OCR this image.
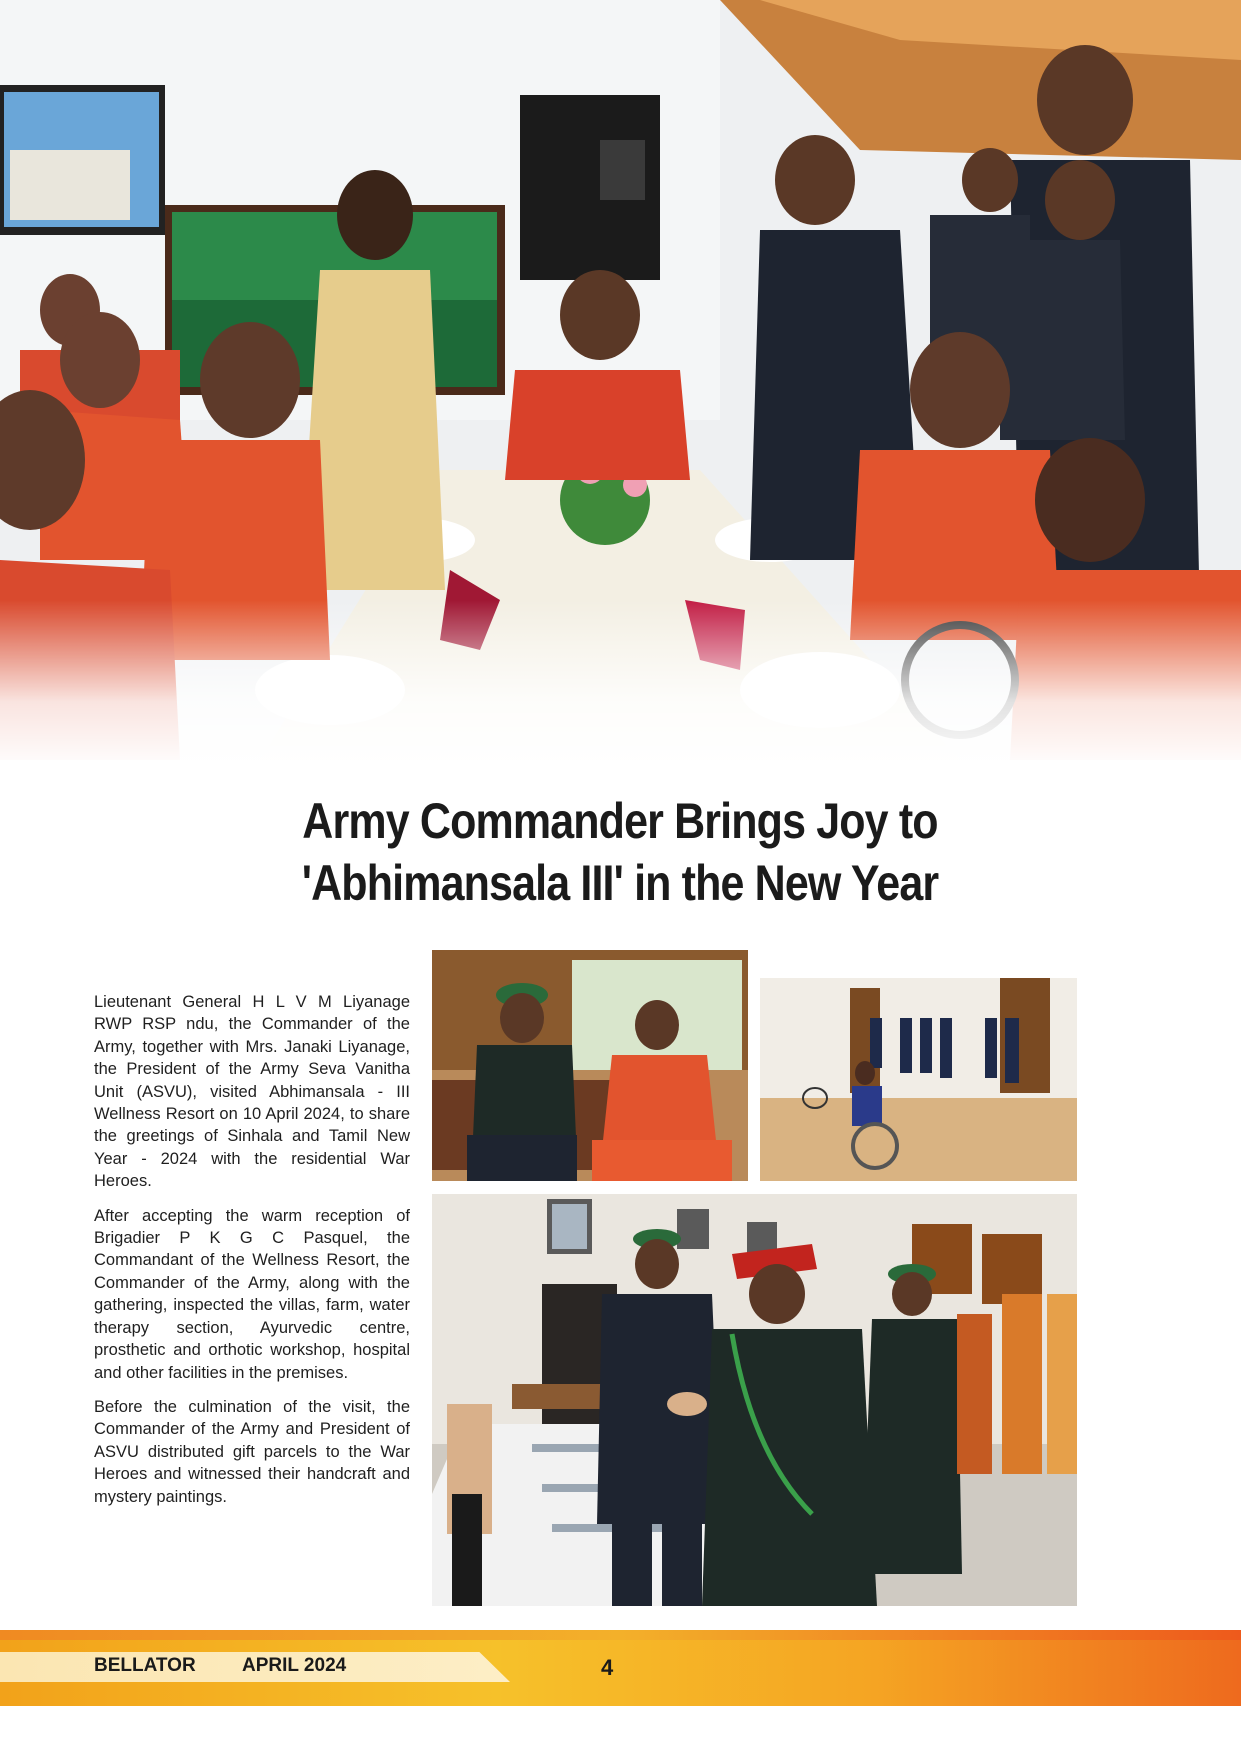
Army Commander Brings Joy to
'Abhimansala III' in the New Year

Lieutenant General H L V M Liyanage RWP RSP ndu, the Commander of the Army, together with Mrs. Janaki Liyanage, the President of the Army Seva Vanitha Unit (ASVU), visited Abhimansala - III Wellness Resort on 10 April 2024, to share the greetings of Sinhala and Tamil New Year - 2024 with the residential War Heroes.

After accepting the warm reception of Brigadier P K G C Pasquel, the Commandant of the Wellness Resort, the Commander of the Army, along with the gathering, inspected the villas, farm, water therapy section, Ayurvedic centre, prosthetic and orthotic workshop, hospital and other facilities in the premises.

Before the culmination of the visit, the Commander of the Army and President of ASVU distributed gift parcels to the War Heroes and witnessed their handcraft and mystery paintings.

BELLATOR APRIL 2024	4
